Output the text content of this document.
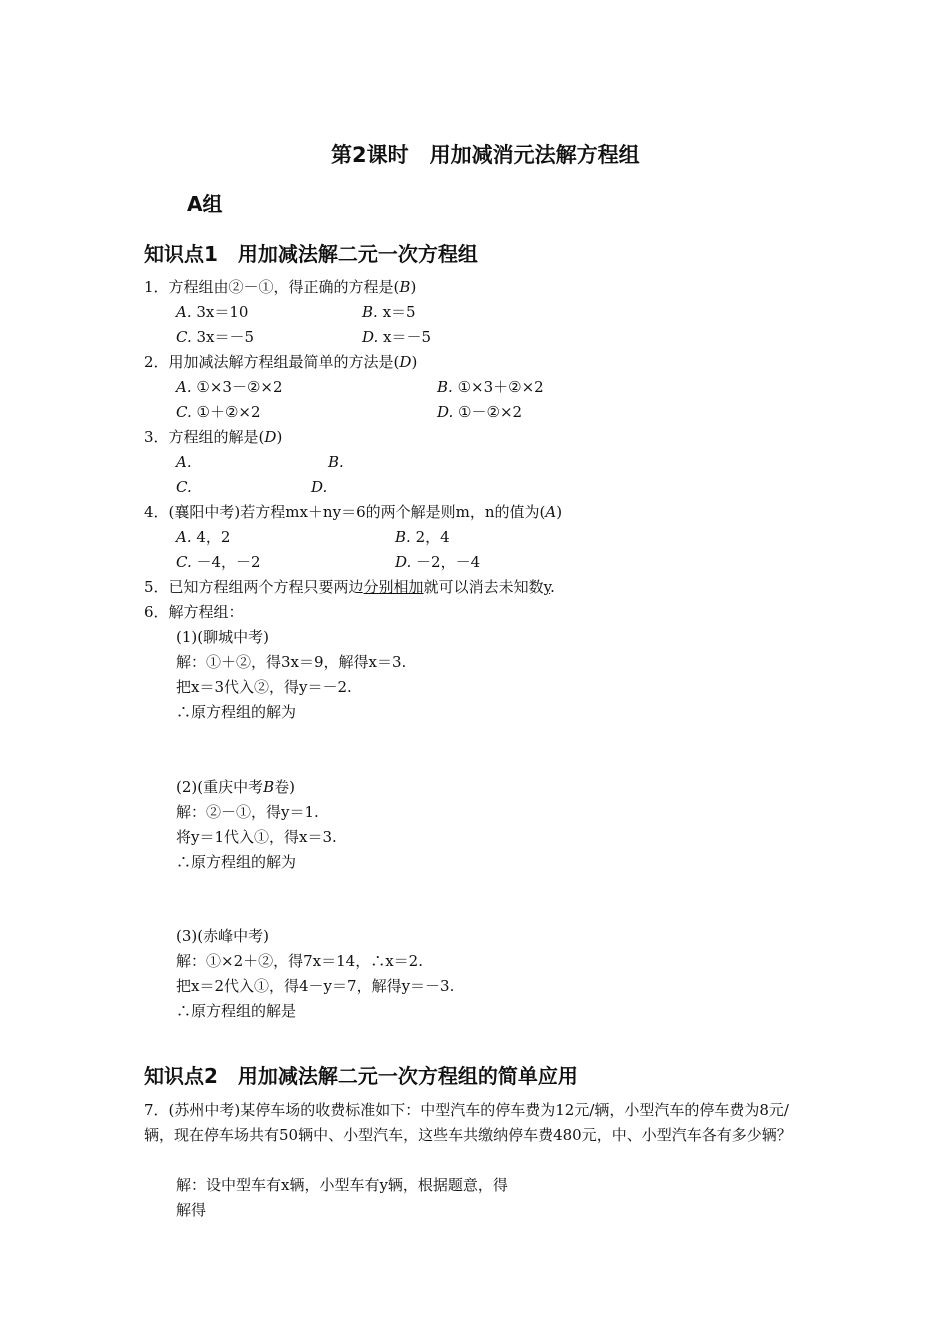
第2课时　用加减消元法解方程组
A组
知识点1　用加减法解二元一次方程组
1．方程组由②－①，得正确的方程是(B)
A. 3x＝10	B. x＝5
C. 3x＝－5	D. x＝－5
2．用加减法解方程组最简单的方法是(D)
A. ①×3－②×2	B. ①×3＋②×2
C. ①＋②×2	D. ①－②×2
3．方程组的解是(D)
A.	B.
C.	D.
4．(襄阳中考)若方程mx＋ny＝6的两个解是则m，n的值为(A)
A. 4，2	B. 2，4
C. －4，－2	D. －2，－4
5．已知方程组两个方程只要两边分别相加就可以消去未知数y.
6．解方程组：
(1)(聊城中考)
解：①＋②，得3x＝9，解得x＝3.
把x＝3代入②，得y＝－2.
∴原方程组的解为
(2)(重庆中考B卷)
解：②－①，得y＝1.
将y＝1代入①，得x＝3.
∴原方程组的解为
(3)(赤峰中考)
解：①×2＋②，得7x＝14，∴x＝2.
把x＝2代入①，得4－y＝7，解得y＝－3.
∴原方程组的解是
知识点2　用加减法解二元一次方程组的简单应用
7．(苏州中考)某停车场的收费标准如下：中型汽车的停车费为12元/辆，小型汽车的停车费为8元/辆，现在停车场共有50辆中、小型汽车，这些车共缴纳停车费480元，中、小型汽车各有多少辆？
解：设中型车有x辆，小型车有y辆，根据题意，得
解得
